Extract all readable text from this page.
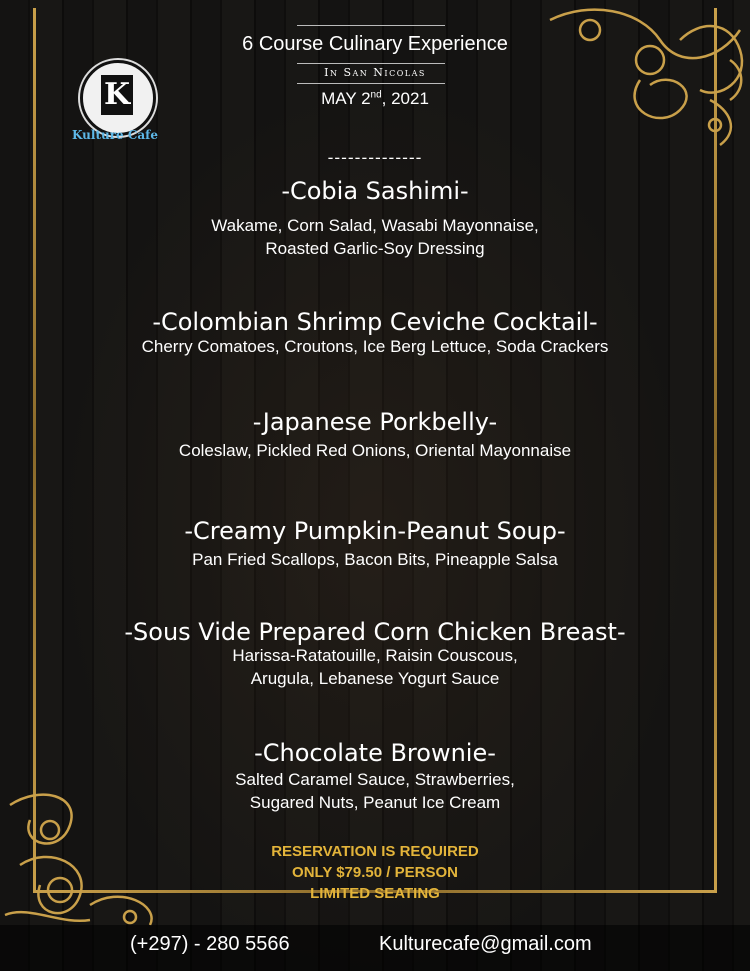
6 Course Culinary Experience
In San Nicolas
MAY 2nd, 2021
--------------
K
Kulture Cafe
-Cobia Sashimi-
Wakame, Corn Salad, Wasabi Mayonnaise,
Roasted Garlic-Soy Dressing
-Colombian Shrimp Ceviche Cocktail-
Cherry Comatoes, Croutons, Ice Berg Lettuce, Soda Crackers
-Japanese Porkbelly-
Coleslaw, Pickled Red Onions, Oriental Mayonnaise
-Creamy Pumpkin-Peanut Soup-
Pan Fried Scallops, Bacon Bits, Pineapple Salsa
-Sous Vide Prepared Corn Chicken Breast-
Harissa-Ratatouille, Raisin Couscous,
Arugula, Lebanese Yogurt Sauce
-Chocolate Brownie-
Salted Caramel Sauce, Strawberries,
Sugared Nuts, Peanut Ice Cream
RESERVATION IS REQUIRED
ONLY $79.50 / PERSON
LIMITED SEATING
(+297) - 280 5566	Kulturecafe@gmail.com
